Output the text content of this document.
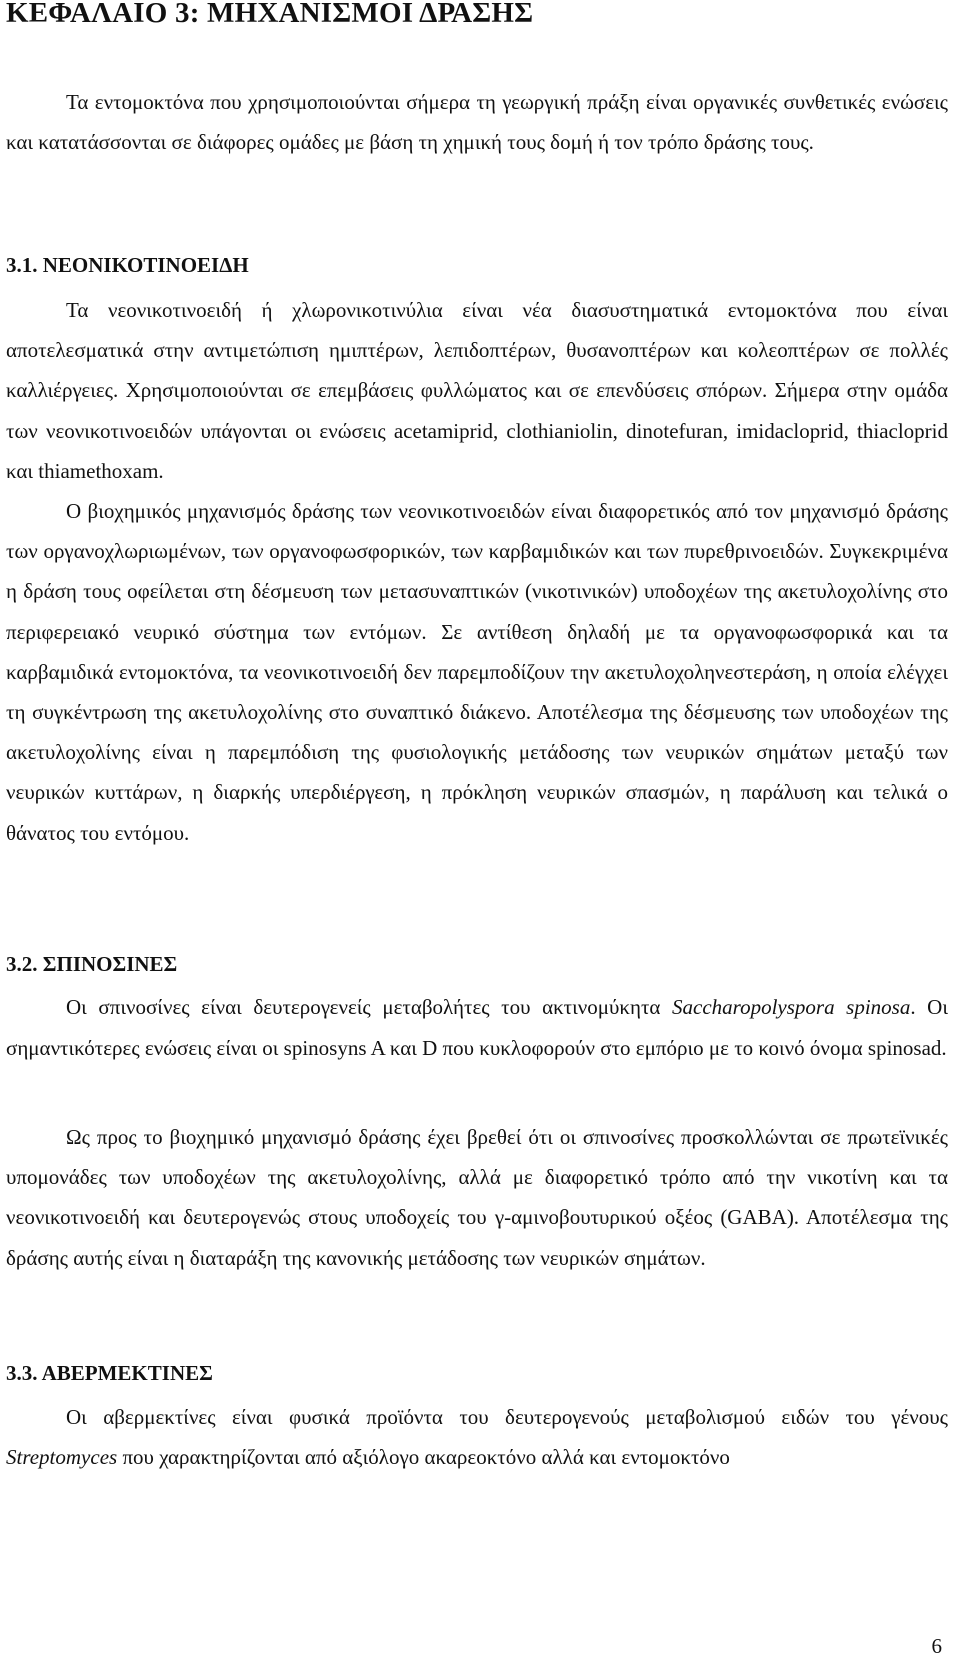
ΚΕΦΑΛΑΙΟ 3: ΜΗΧΑΝΙΣΜΟΙ ΔΡΑΣΗΣ

Τα εντομοκτόνα που χρησιμοποιούνται σήμερα τη γεωργική πράξη είναι οργανικές συνθετικές ενώσεις και κατατάσσονται σε διάφορες ομάδες με βάση τη χημική τους δομή ή τον τρόπο δράσης τους.

3.1. ΝΕΟΝΙΚΟΤΙΝΟΕΙΔΗ

Τα νεονικοτινοειδή ή χλωρονικοτινύλια είναι νέα διασυστηματικά εντομοκτόνα που είναι αποτελεσματικά στην αντιμετώπιση ημιπτέρων, λεπιδοπτέρων, θυσανοπτέρων και κολεοπτέρων σε πολλές καλλιέργειες. Χρησιμοποιούνται σε επεμβάσεις φυλλώματος και σε επενδύσεις σπόρων. Σήμερα στην ομάδα των νεονικοτινοειδών υπάγονται οι ενώσεις acetamiprid, clothianiolin, dinotefuran, imidacloprid, thiacloprid και thiamethoxam.

Ο βιοχημικός μηχανισμός δράσης των νεονικοτινοειδών είναι διαφορετικός από τον μηχανισμό δράσης των οργανοχλωριωμένων, των οργανοφωσφορικών, των καρβαμιδικών και των πυρεθρινοειδών. Συγκεκριμένα η δράση τους οφείλεται στη δέσμευση των μετασυναπτικών (νικοτινικών) υποδοχέων της ακετυλοχολίνης στο περιφερειακό νευρικό σύστημα των εντόμων. Σε αντίθεση δηλαδή με τα οργανοφωσφορικά και τα καρβαμιδικά εντομοκτόνα, τα νεονικοτινοειδή δεν παρεμποδίζουν την ακετυλοχοληνεστεράση, η οποία ελέγχει τη συγκέντρωση της ακετυλοχολίνης στο συναπτικό διάκενο. Αποτέλεσμα της δέσμευσης των υποδοχέων της ακετυλοχολίνης είναι η παρεμπόδιση της φυσιολογικής μετάδοσης των νευρικών σημάτων μεταξύ των νευρικών κυττάρων, η διαρκής υπερδιέργεση, η πρόκληση νευρικών σπασμών, η παράλυση και τελικά ο θάνατος του εντόμου.

3.2. ΣΠΙΝΟΣΙΝΕΣ

Οι σπινοσίνες είναι δευτερογενείς μεταβολήτες του ακτινομύκητα Saccharopolyspora spinosa. Οι σημαντικότερες ενώσεις είναι οι spinosyns A και D που κυκλοφορούν στο εμπόριο με το κοινό όνομα spinosad.

Ως προς το βιοχημικό μηχανισμό δράσης έχει βρεθεί ότι οι σπινοσίνες προσκολλώνται σε πρωτεϊνικές υπομονάδες των υποδοχέων της ακετυλοχολίνης, αλλά με διαφορετικό τρόπο από την νικοτίνη και τα νεονικοτινοειδή και δευτερογενώς στους υποδοχείς του γ-αμινοβουτυρικού οξέος (GABA). Αποτέλεσμα της δράσης αυτής είναι η διαταράξη της κανονικής μετάδοσης των νευρικών σημάτων.

3.3. ΑΒΕΡΜΕΚΤΙΝΕΣ

Οι αβερμεκτίνες είναι φυσικά προϊόντα του δευτερογενούς μεταβολισμού ειδών του γένους Streptomyces που χαρακτηρίζονται από αξιόλογο ακαρεοκτόνο αλλά και εντομοκτόνο

6
